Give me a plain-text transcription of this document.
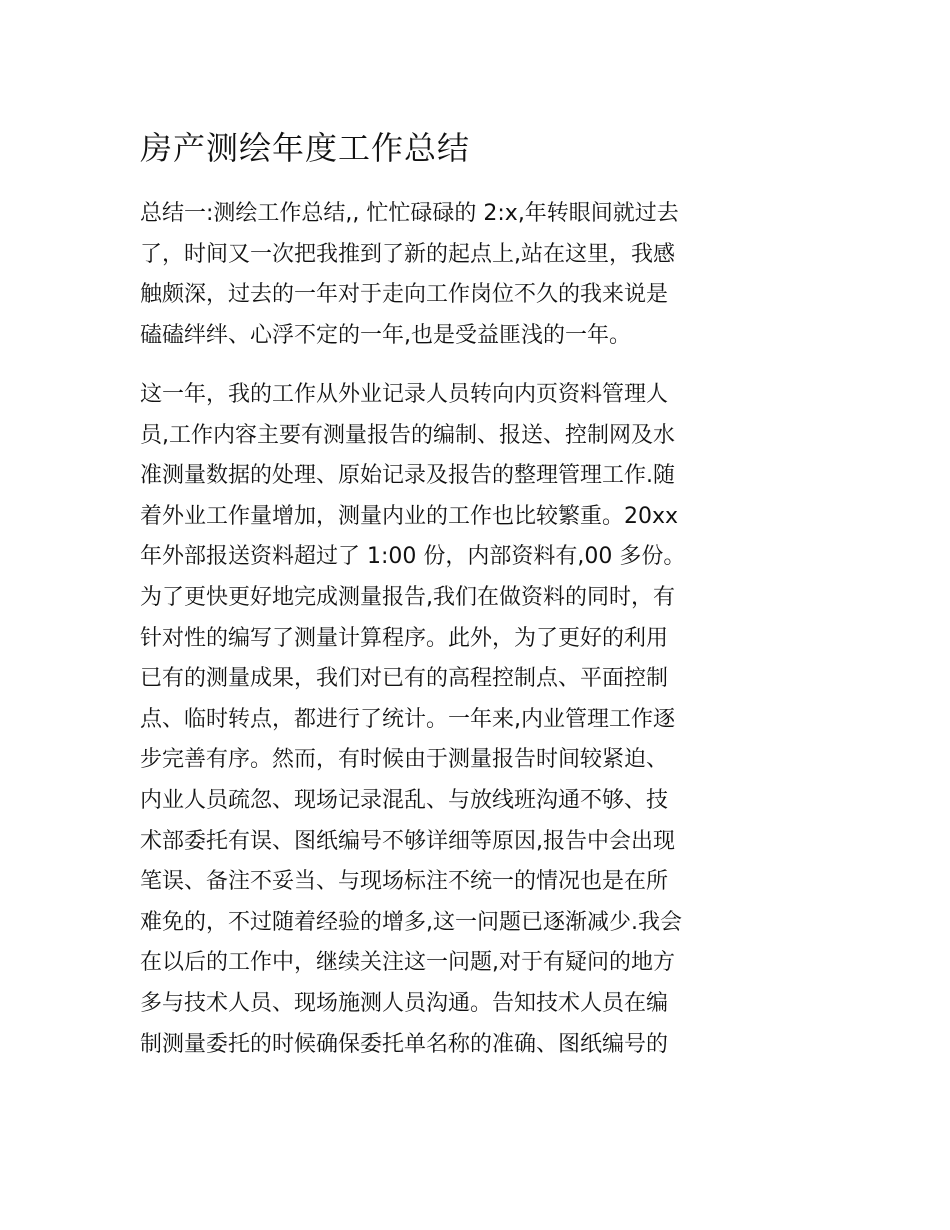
房产测绘年度工作总结

总结一:测绘工作总结,, 忙忙碌碌的 2:x,年转眼间就过去
了，时间又一次把我推到了新的起点上,站在这里，我感
触颇深，过去的一年对于走向工作岗位不久的我来说是
磕磕绊绊、心浮不定的一年,也是受益匪浅的一年。

这一年，我的工作从外业记录人员转向内页资料管理人
员,工作内容主要有测量报告的编制、报送、控制网及水
准测量数据的处理、原始记录及报告的整理管理工作.随
着外业工作量增加，测量内业的工作也比较繁重。20xx
年外部报送资料超过了 1:00 份，内部资料有,00 多份。
为了更快更好地完成测量报告,我们在做资料的同时，有
针对性的编写了测量计算程序。此外，为了更好的利用
已有的测量成果，我们对已有的高程控制点、平面控制
点、临时转点，都进行了统计。一年来,内业管理工作逐
步完善有序。然而，有时候由于测量报告时间较紧迫、
内业人员疏忽、现场记录混乱、与放线班沟通不够、技
术部委托有误、图纸编号不够详细等原因,报告中会出现
笔误、备注不妥当、与现场标注不统一的情况也是在所
难免的，不过随着经验的增多,这一问题已逐渐减少.我会
在以后的工作中，继续关注这一问题,对于有疑问的地方
多与技术人员、现场施测人员沟通。告知技术人员在编
制测量委托的时候确保委托单名称的准确、图纸编号的
